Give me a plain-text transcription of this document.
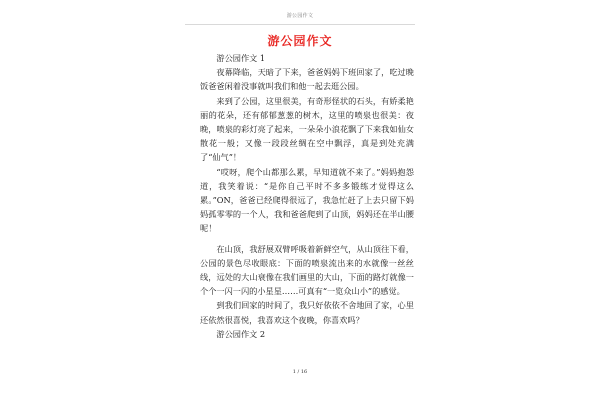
游公园作文
游公园作文

游公园作文 1

夜幕降临，天暗了下来，爸爸妈妈下班回家了，吃过晚饭爸爸闲着没事就叫我们和他一起去逛公园。

来到了公园，这里很美，有奇形怪状的石头，有娇柔艳丽的花朵，还有郁郁葱葱的树木，这里的喷泉也很美：夜晚，喷泉的彩灯亮了起来，一朵朵小浪花飘了下来我如仙女散花一般；又像一段段丝绸在空中飘浮，真是到处充满了“仙气”！

“哎呀，爬个山都那么累，早知道就不来了。”妈妈抱怨道，我笑着说：“是你自己平时不多多锻练才觉得这么累。”ON，爸爸已经爬得很远了，我急忙赶了上去只留下妈妈孤零零的一个人，我和爸爸爬到了山顶，妈妈还在半山腰呢！

在山顶，我舒展双臂呼吸着新鲜空气，从山顶往下看，公园的景色尽收眼底：下面的喷泉流出来的水就像一丝丝线，远处的大山衰像在我们画里的大山，下面的路灯就像一个个一闪一闪的小星星……可真有“一览众山小”的感觉。

到我们回家的时间了，我只好依依不舍地回了家，心里还依然很喜悦，我喜欢这个夜晚，你喜欢吗？

游公园作文 2

1 / 16
